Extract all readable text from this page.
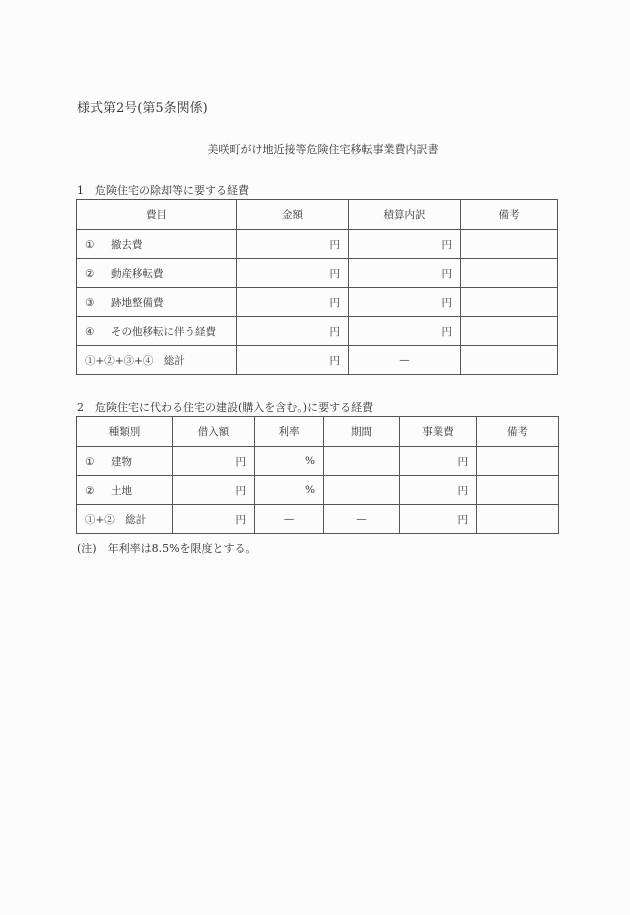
様式第2号(第5条関係)
美咲町がけ地近接等危険住宅移転事業費内訳書
1　危険住宅の除却等に要する経費
費目	金額	積算内訳	備考
① 撤去費	円	円	
② 動産移転費	円	円	
③ 跡地整備費	円	円	
④ その他移転に伴う経費	円	円	
①+②+③+④　総計	円	—	
2　危険住宅に代わる住宅の建設(購入を含む。)に要する経費
種類別	借入額	利率	期間	事業費	備考
① 建物	円	%		円	
② 土地	円	%		円	
①+②　総計	円	—	—	円	
(注)　年利率は8.5%を限度とする。
